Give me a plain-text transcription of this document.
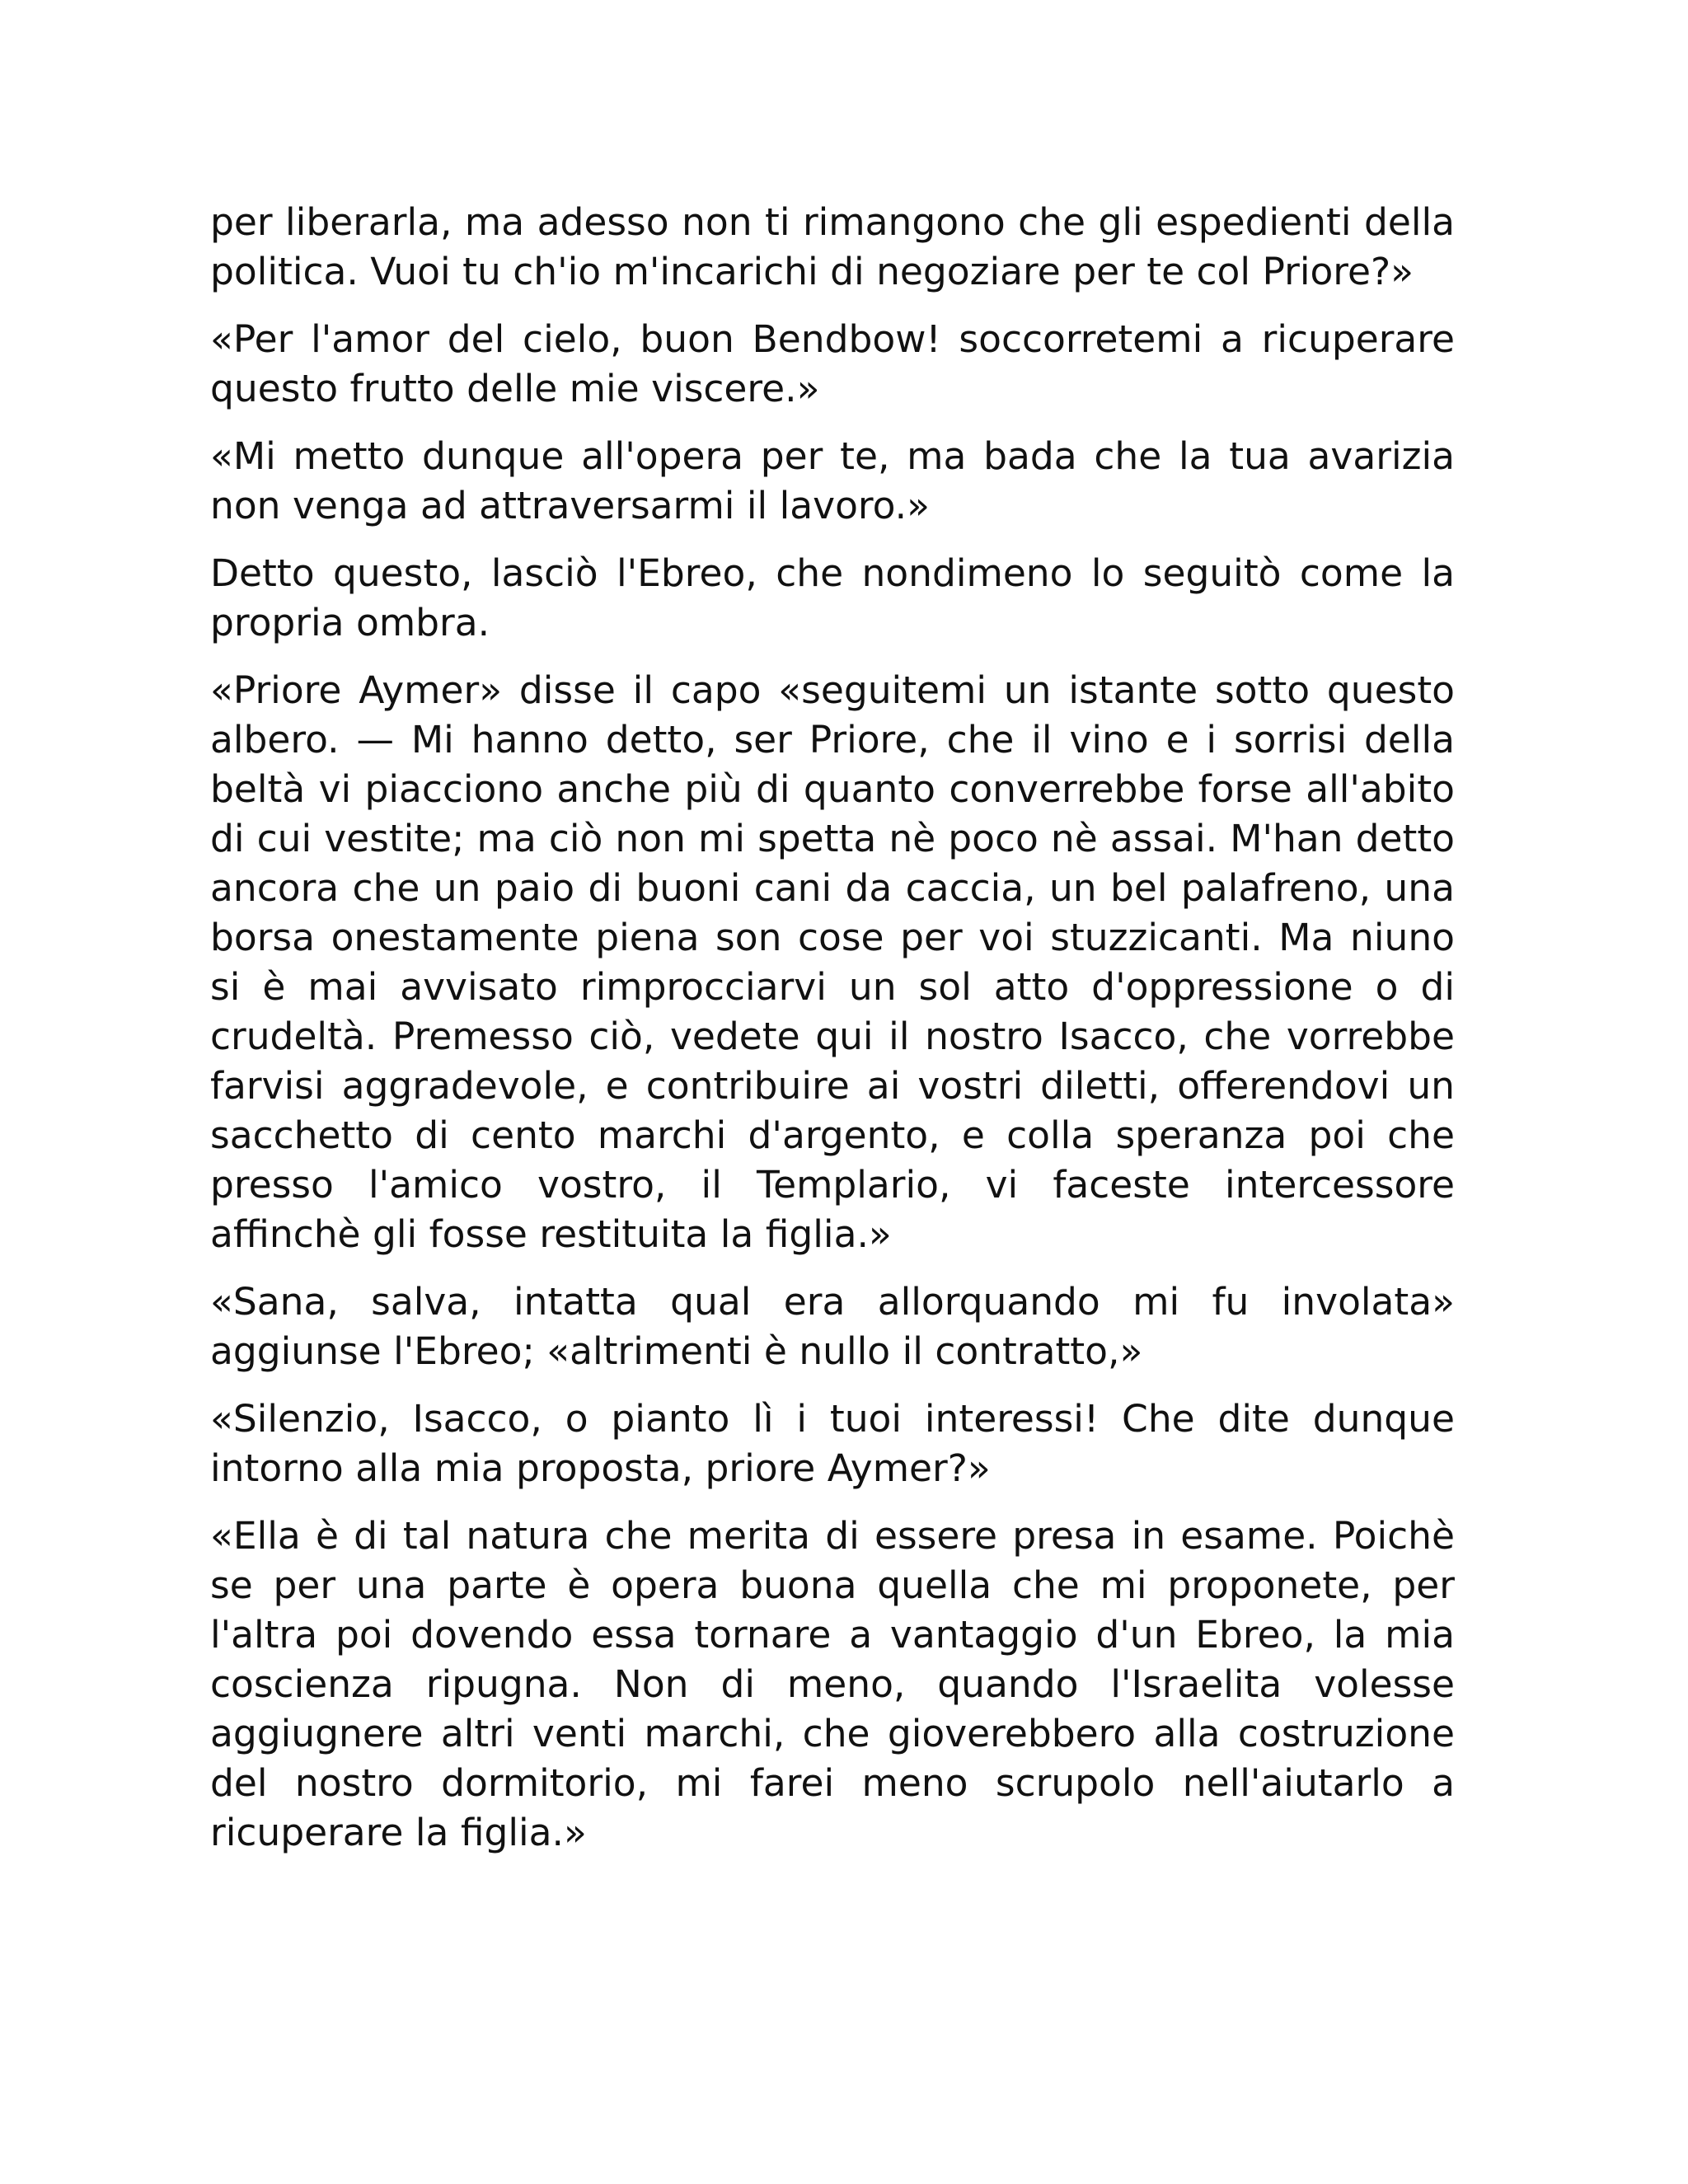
per liberarla, ma adesso non ti rimangono che gli espedienti della politica. Vuoi tu ch'io m'incarichi di negoziare per te col Priore?»

«Per l'amor del cielo, buon Bendbow! soccorretemi a ricuperare questo frutto delle mie viscere.»

«Mi metto dunque all'opera per te, ma bada che la tua avarizia non venga ad attraversarmi il lavoro.»

Detto questo, lasciò l'Ebreo, che nondimeno lo seguitò come la propria ombra.

«Priore Aymer» disse il capo «seguitemi un istante sotto questo albero. — Mi hanno detto, ser Priore, che il vino e i sorrisi della beltà vi piacciono anche più di quanto converrebbe forse all'abito di cui vestite; ma ciò non mi spetta nè poco nè assai. M'han detto ancora che un paio di buoni cani da caccia, un bel palafreno, una borsa onestamente piena son cose per voi stuzzicanti. Ma niuno si è mai avvisato rimprocciarvi un sol atto d'oppressione o di crudeltà. Premesso ciò, vedete qui il nostro Isacco, che vorrebbe farvisi aggradevole, e contribuire ai vostri diletti, offerendovi un sacchetto di cento marchi d'argento, e colla speranza poi che presso l'amico vostro, il Templario, vi faceste intercessore affinchè gli fosse restituita la figlia.»

«Sana, salva, intatta qual era allorquando mi fu involata» aggiunse l'Ebreo; «altrimenti è nullo il contratto,»

«Silenzio, Isacco, o pianto lì i tuoi interessi! Che dite dunque intorno alla mia proposta, priore Aymer?»

«Ella è di tal natura che merita di essere presa in esame. Poichè se per una parte è opera buona quella che mi proponete, per l'altra poi dovendo essa tornare a vantaggio d'un Ebreo, la mia coscienza ripugna. Non di meno, quando l'Israelita volesse aggiugnere altri venti marchi, che gioverebbero alla costruzione del nostro dormitorio, mi farei meno scrupolo nell'aiutarlo a ricuperare la figlia.»
